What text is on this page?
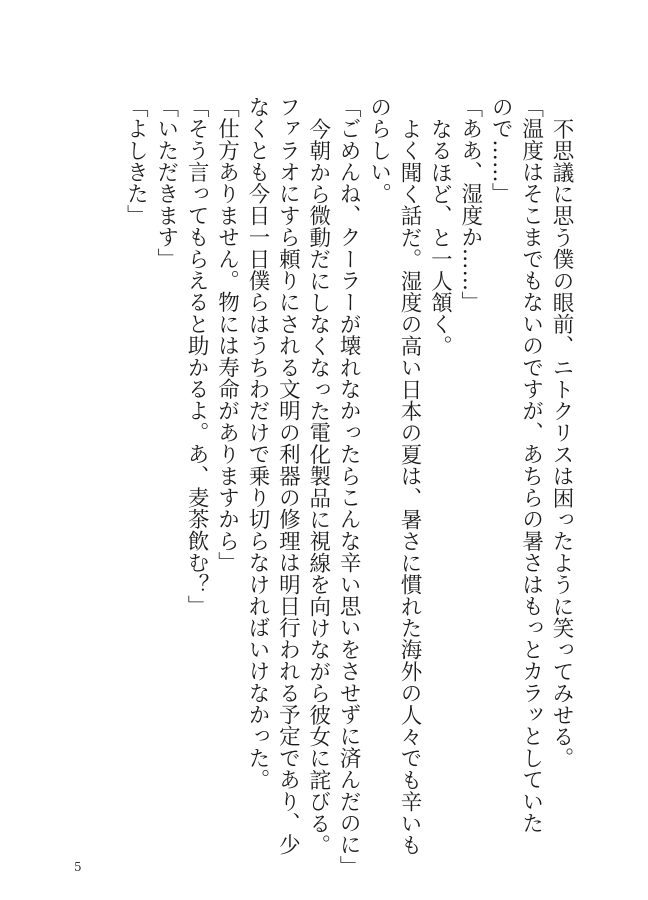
不思議に思う僕の眼前、ニトクリスは困ったように笑ってみせる。
「温度はそこまでもないのですが、あちらの暑さはもっとカラッとしていた
ので……」
「ああ、湿度か……」
なるほど、と一人頷く。
よく聞く話だ。湿度の高い日本の夏は、暑さに慣れた海外の人々でも辛いも
のらしい。
「ごめんね、クーラーが壊れなかったらこんな辛い思いをさせずに済んだのに」
今朝から微動だにしなくなった電化製品に視線を向けながら彼女に詫びる。
ファラオにすら頼りにされる文明の利器の修理は明日行われる予定であり、少
なくとも今日一日僕らはうちわだけで乗り切らなければいけなかった。
「仕方ありません。物には寿命がありますから」
「そう言ってもらえると助かるよ。あ、麦茶飲む？」
「いただきます」
「よしきた」
5
